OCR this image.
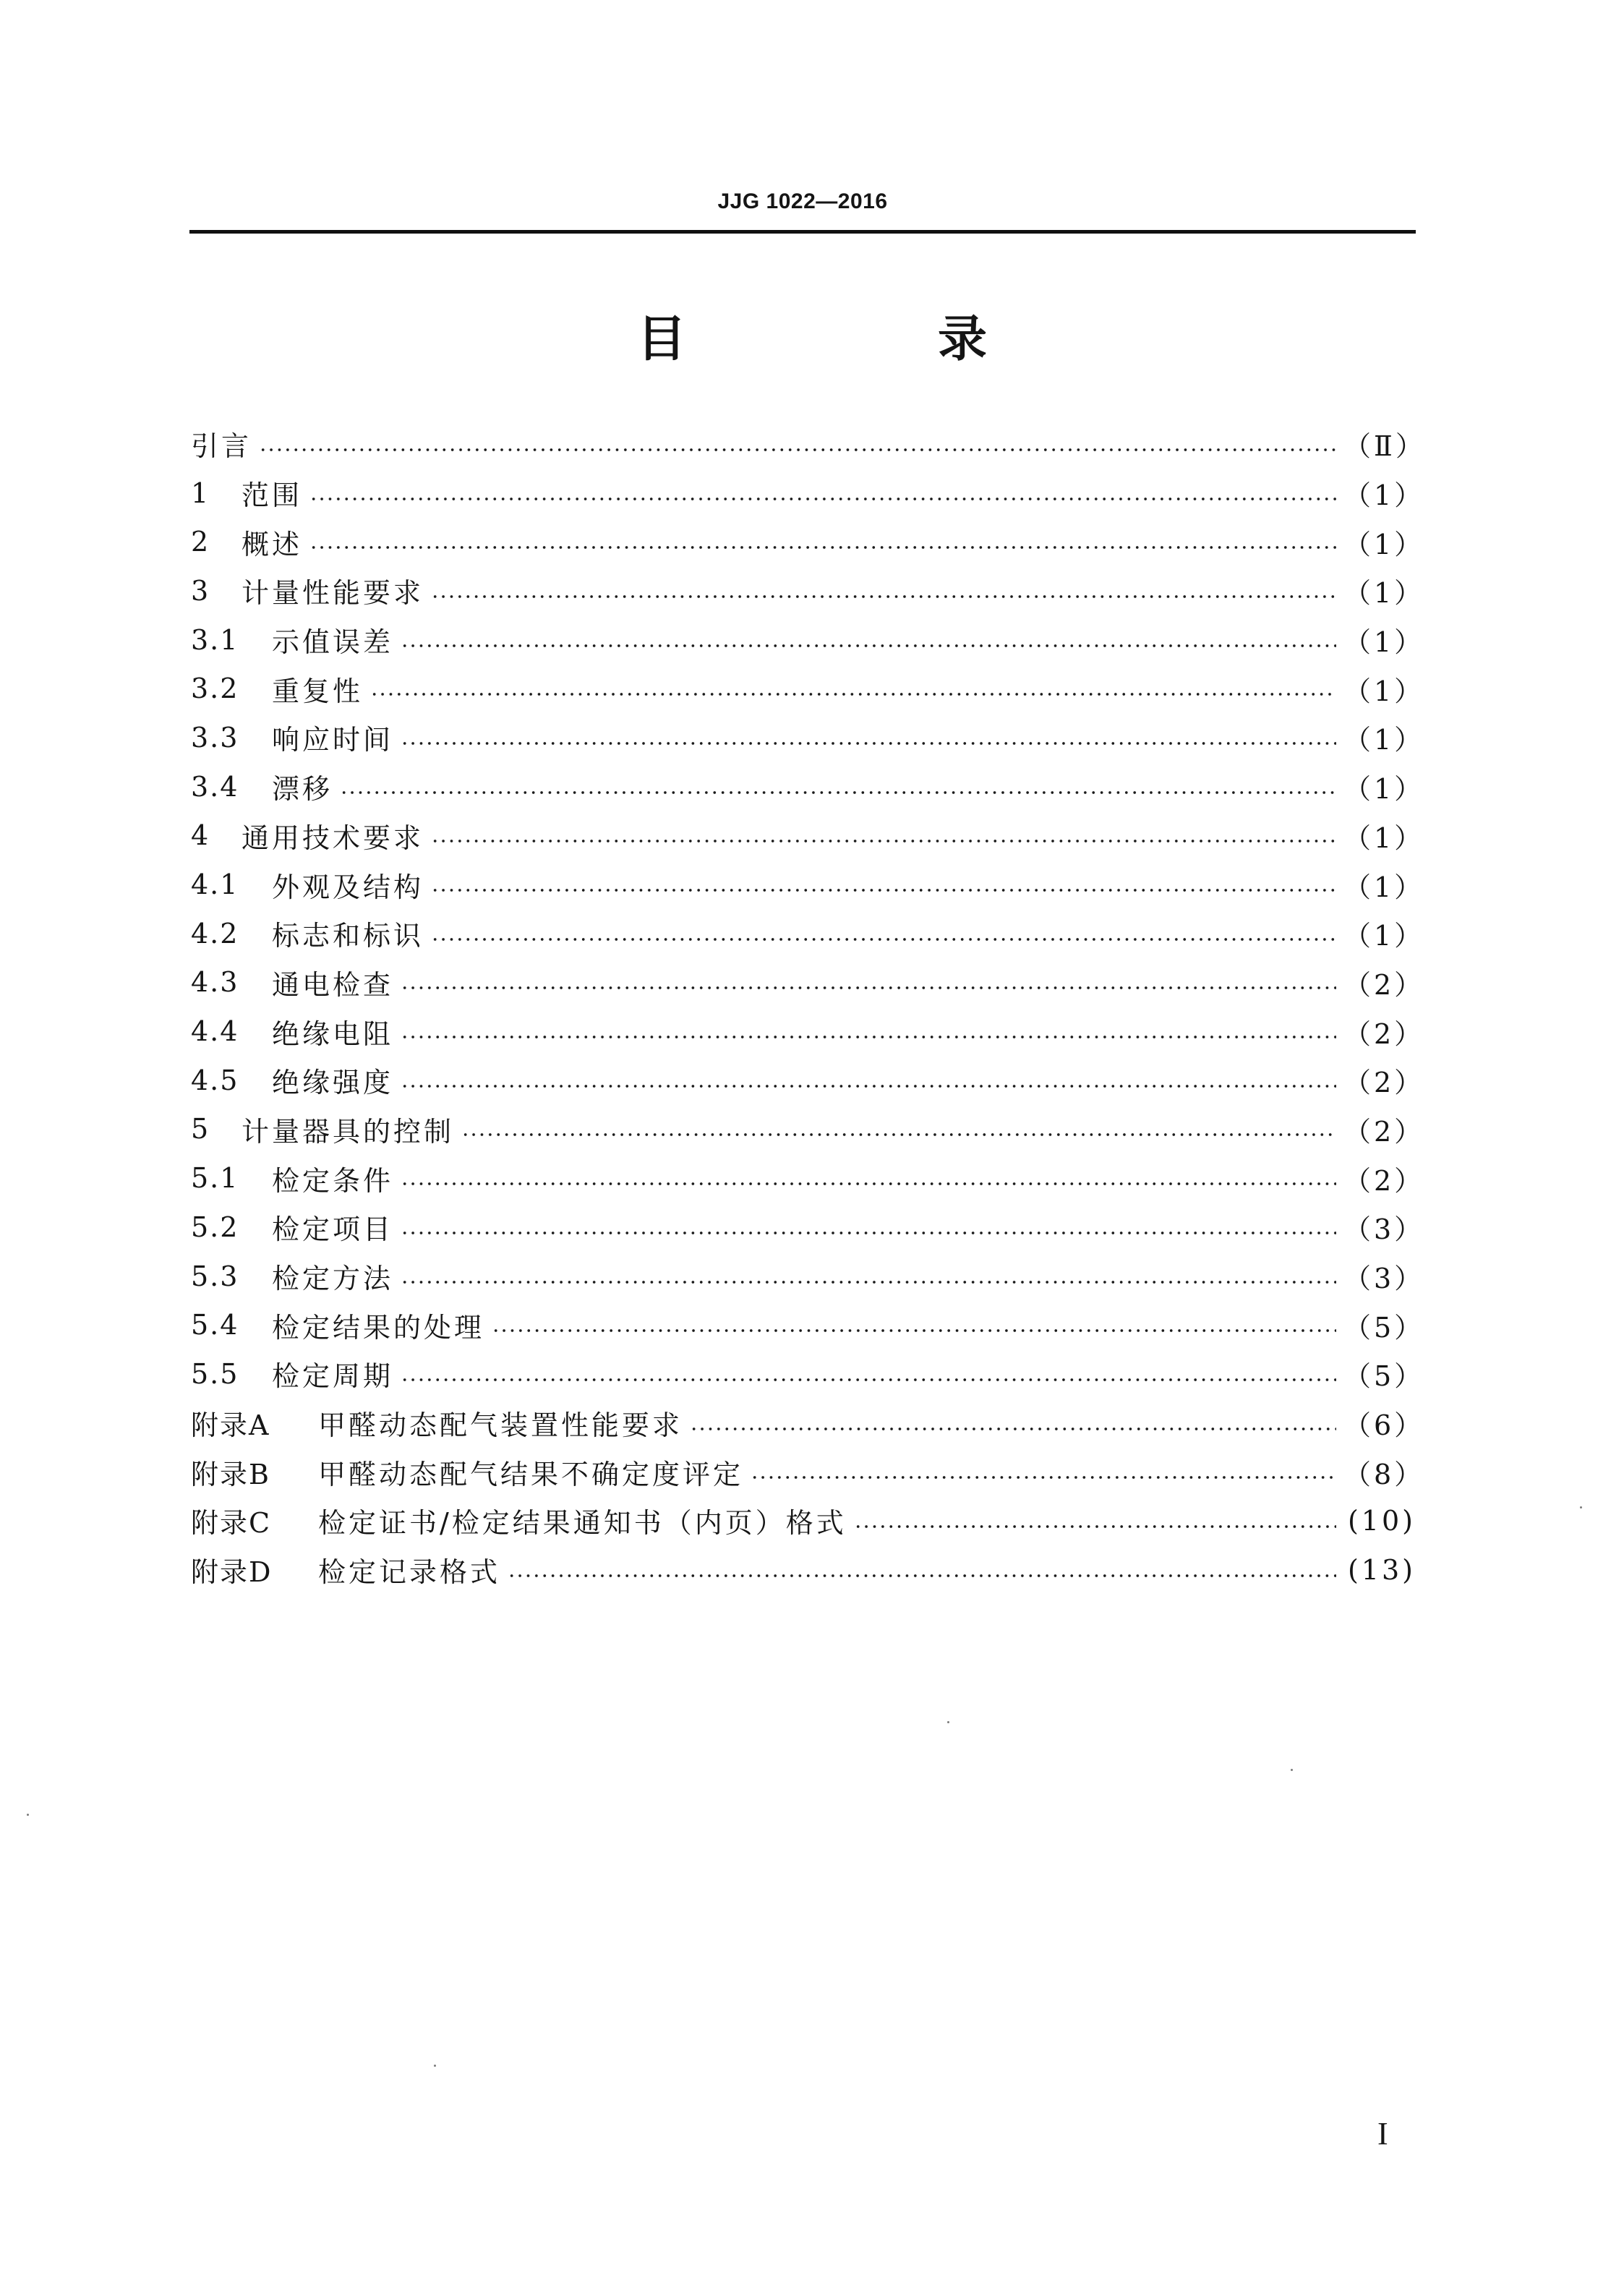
JJG 1022—2016
目　录
引言	（Ⅱ）
1	范围	（1）
2	概述	（1）
3	计量性能要求	（1）
3.1	示值误差	（1）
3.2	重复性	（1）
3.3	响应时间	（1）
3.4	漂移	（1）
4	通用技术要求	（1）
4.1	外观及结构	（1）
4.2	标志和标识	（1）
4.3	通电检查	（2）
4.4	绝缘电阻	（2）
4.5	绝缘强度	（2）
5	计量器具的控制	（2）
5.1	检定条件	（2）
5.2	检定项目	（3）
5.3	检定方法	（3）
5.4	检定结果的处理	（5）
5.5	检定周期	（5）
附录A	甲醛动态配气装置性能要求	（6）
附录B	甲醛动态配气结果不确定度评定	（8）
附录C	检定证书/检定结果通知书（内页）格式	(10)
附录D	检定记录格式	(13)
I
